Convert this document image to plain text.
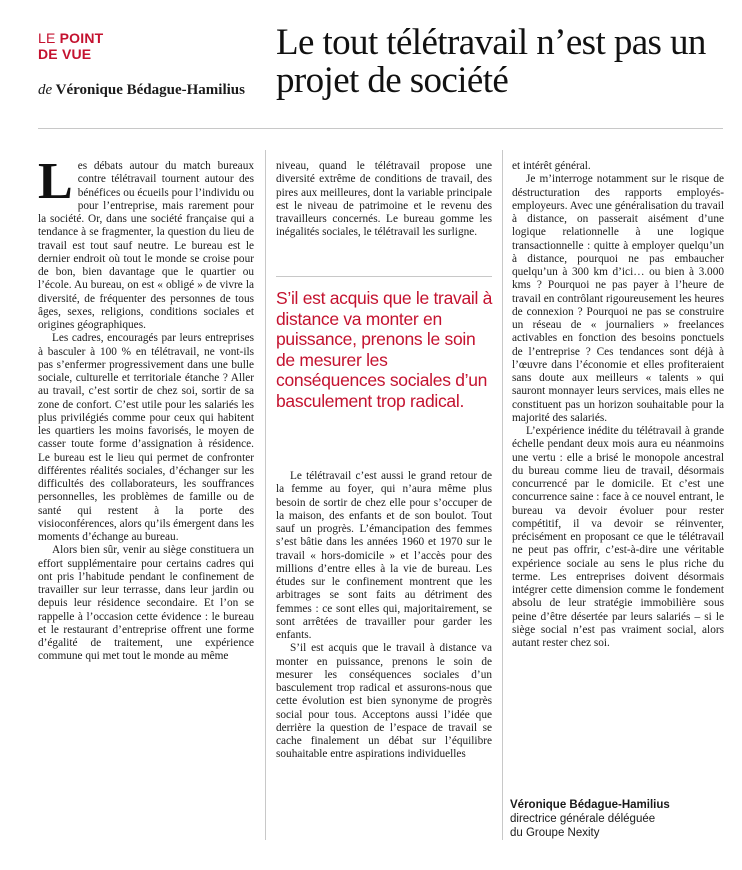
LE POINT
DE VUE
de Véronique Bédague-Hamilius
Le tout télétravail n’est pas un projet de société

Les débats autour du match bureaux contre télétravail tournent autour des bénéfices ou écueils pour l’individu ou pour l’entreprise, mais rarement pour la société. Or, dans une société française qui a tendance à se fragmenter, la question du lieu de travail est tout sauf neutre. Le bureau est le dernier endroit où tout le monde se croise pour de bon, bien davantage que le quartier ou l’école. Au bureau, on est « obligé » de vivre la diversité, de fréquenter des personnes de tous âges, sexes, religions, conditions sociales et origines géographiques.

Les cadres, encouragés par leurs entreprises à basculer à 100 % en télétravail, ne vont-ils pas s’enfermer progressivement dans une bulle sociale, culturelle et territoriale étanche ? Aller au travail, c’est sortir de chez soi, sortir de sa zone de confort. C’est utile pour les salariés les plus privilégiés comme pour ceux qui habitent les quartiers les moins favorisés, le moyen de casser toute forme d’assignation à résidence. Le bureau est le lieu qui permet de confronter différentes réalités sociales, d’échanger sur les difficultés des collaborateurs, les souffrances personnelles, les problèmes de famille ou de santé qui restent à la porte des visioconférences, alors qu’ils émergent dans les moments d’échange au bureau.

Alors bien sûr, venir au siège constituera un effort supplémentaire pour certains cadres qui ont pris l’habitude pendant le confinement de travailler sur leur terrasse, dans leur jardin ou depuis leur résidence secondaire. Et l’on se rappelle à l’occasion cette évidence : le bureau et le restaurant d’entreprise offrent une forme d’égalité de traitement, une expérience commune qui met tout le monde au même

niveau, quand le télétravail propose une diversité extrême de conditions de travail, des pires aux meilleures, dont la variable principale est le niveau de patrimoine et le revenu des travailleurs concernés. Le bureau gomme les inégalités sociales, le télétravail les surligne.

S’il est acquis que le travail à distance va monter en puissance, prenons le soin de mesurer les conséquences sociales d’un basculement trop radical.

Le télétravail c’est aussi le grand retour de la femme au foyer, qui n’aura même plus besoin de sortir de chez elle pour s’occuper de la maison, des enfants et de son boulot. Tout sauf un progrès. L’émancipation des femmes s’est bâtie dans les années 1960 et 1970 sur le travail « hors-domicile » et l’accès pour des millions d’entre elles à la vie de bureau. Les études sur le confinement montrent que les arbitrages se sont faits au détriment des femmes : ce sont elles qui, majoritairement, se sont arrêtées de travailler pour garder les enfants.

S’il est acquis que le travail à distance va monter en puissance, prenons le soin de mesurer les conséquences sociales d’un basculement trop radical et assurons-nous que cette évolution est bien synonyme de progrès social pour tous. Acceptons aussi l’idée que derrière la question de l’espace de travail se cache finalement un débat sur l’équilibre souhaitable entre aspirations individuelles

et intérêt général.

Je m’interroge notamment sur le risque de déstructuration des rapports employés-employeurs. Avec une généralisation du travail à distance, on passerait aisément d’une logique relationnelle à une logique transactionnelle : quitte à employer quelqu’un à distance, pourquoi ne pas embaucher quelqu’un à 300 km d’ici… ou bien à 3.000 kms ? Pourquoi ne pas payer à l’heure de travail en contrôlant rigoureusement les heures de connexion ? Pourquoi ne pas se construire un réseau de « journaliers » freelances activables en fonction des besoins ponctuels de l’entreprise ? Ces tendances sont déjà à l’œuvre dans l’économie et elles profiteraient sans doute aux meilleurs « talents » qui sauront monnayer leurs services, mais elles ne constituent pas un horizon souhaitable pour la majorité des salariés.

L’expérience inédite du télétravail à grande échelle pendant deux mois aura eu néanmoins une vertu : elle a brisé le monopole ancestral du bureau comme lieu de travail, désormais concurrencé par le domicile. Et c’est une concurrence saine : face à ce nouvel entrant, le bureau va devoir évoluer pour rester compétitif, il va devoir se réinventer, précisément en proposant ce que le télétravail ne peut pas offrir, c’est-à-dire une véritable expérience sociale au sens le plus riche du terme. Les entreprises doivent désormais intégrer cette dimension comme le fondement absolu de leur stratégie immobilière sous peine d’être désertée par leurs salariés – si le siège social n’est pas vraiment social, alors autant rester chez soi.

Véronique Bédague-Hamilius
directrice générale déléguée
du Groupe Nexity
